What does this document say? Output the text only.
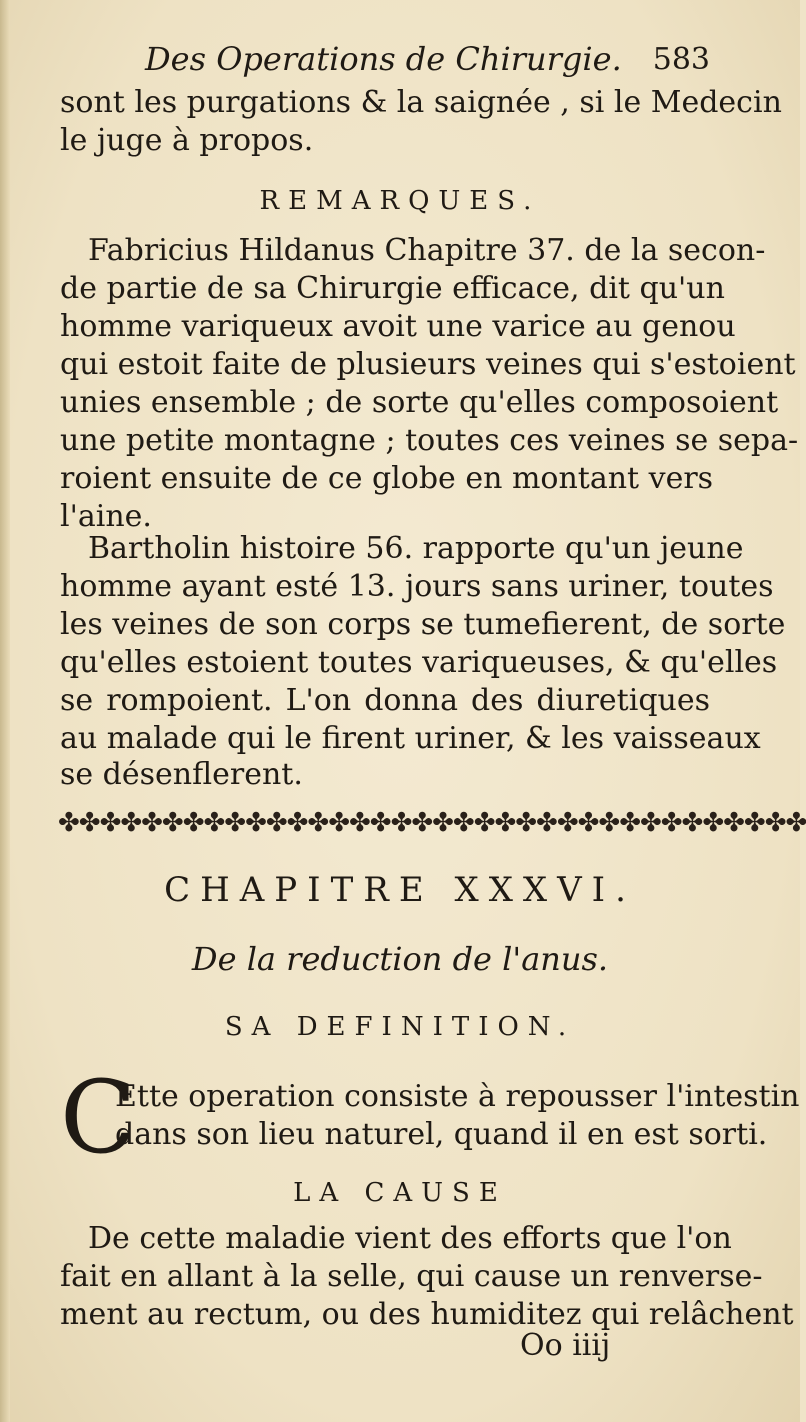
Des Operations de Chirurgie. 583
sont les purgations & la saignée , si le Medecin
le juge à propos.
REMARQUES.
Fabricius Hildanus Chapitre 37. de la secon-
de partie de sa Chirurgie efficace, dit qu'un
homme variqueux avoit une varice au genou
qui estoit faite de plusieurs veines qui s'estoient
unies ensemble ; de sorte qu'elles composoient
une petite montagne ; toutes ces veines se sepa-
roient ensuite de ce globe en montant vers
l'aine.
Bartholin histoire 56. rapporte qu'un jeune
homme ayant esté 13. jours sans uriner, toutes
les veines de son corps se tumefierent, de sorte
qu'elles estoient toutes variqueuses, & qu'elles
se rompoient. L'on donna des diuretiques
au malade qui le firent uriner, & les vaisseaux
se désenflerent.
✤✤✤✤✤✤✤✤✤✤✤✤✤✤✤✤✤✤✤✤✤✤✤✤✤✤✤✤✤✤✤✤✤✤✤✤
CHAPITRE XXXVI.
De la reduction de l'anus.
SA DEFINITION.
C
Ette operation consiste à repousser l'intestin
dans son lieu naturel, quand il en est sorti.
LA CAUSE
De cette maladie vient des efforts que l'on
fait en allant à la selle, qui cause un renverse-
ment au rectum, ou des humiditez qui relâchent
Oo iiij
